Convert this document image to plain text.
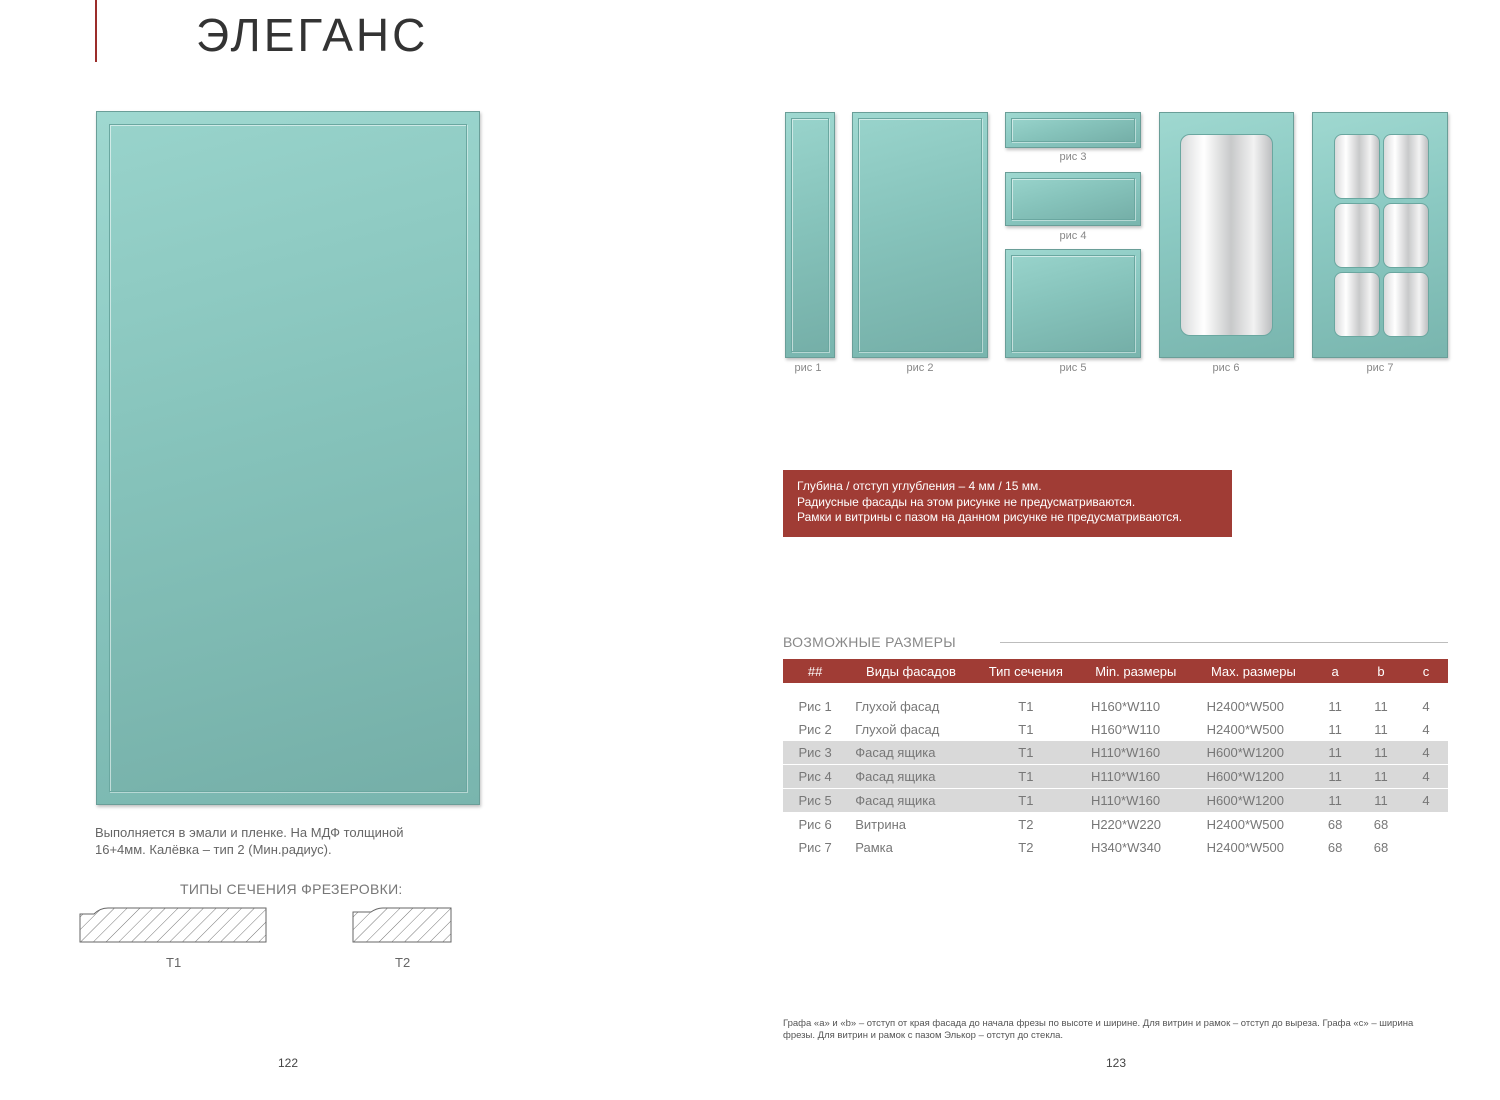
ЭЛЕГАНС
Выполняется в эмали и пленке. На МДФ толщиной
16+4мм. Калёвка – тип 2 (Мин.радиус).
ТИПЫ СЕЧЕНИЯ ФРЕЗЕРОВКИ:
T1	T2
122
рис 1	рис 2
рис 3
рис 4
рис 5	рис 6	рис 7
Глубина / отступ углубления – 4 мм / 15 мм.
Радиусные фасады на этом рисунке не предусматриваются.
Рамки и витрины с пазом на данном рисунке не предусматриваются.
ВОЗМОЖНЫЕ РАЗМЕРЫ
##	Виды фасадов	Тип сечения	Min. размеры	Max. размеры	a	b	c

Рис 1	Глухой фасад	T1	H160*W110	H2400*W500	11	11	4
Рис 2	Глухой фасад	T1	H160*W110	H2400*W500	11	11	4
Рис 3	Фасад ящика	T1	H110*W160	H600*W1200	11	11	4
Рис 4	Фасад ящика	T1	H110*W160	H600*W1200	11	11	4
Рис 5	Фасад ящика	T1	H110*W160	H600*W1200	11	11	4
Рис 6	Витрина	T2	H220*W220	H2400*W500	68	68	
Рис 7	Рамка	T2	H340*W340	H2400*W500	68	68	
Графа «а» и «b» – отступ от края фасада до начала фрезы по высоте и ширине. Для витрин и рамок – отступ до выреза. Графа «с» – ширина
фрезы. Для витрин и рамок с пазом Элькор – отступ до стекла.
123
